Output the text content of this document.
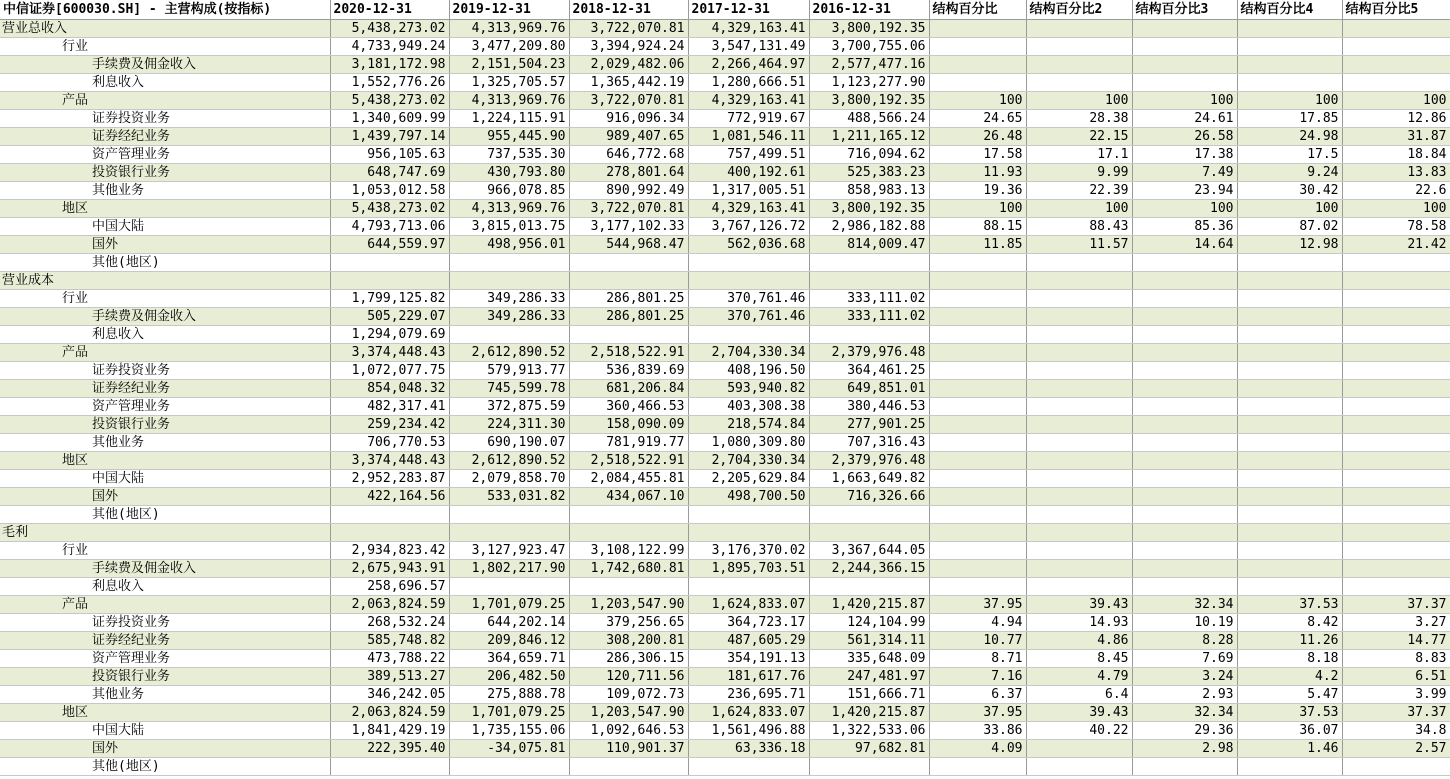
中信证券[600030.SH] - 主营构成(按指标)	2020-12-31	2019-12-31	2018-12-31	2017-12-31	2016-12-31	结构百分比	结构百分比2	结构百分比3	结构百分比4	结构百分比5
营业总收入	5,438,273.02	4,313,969.76	3,722,070.81	4,329,163.41	3,800,192.35					
行业	4,733,949.24	3,477,209.80	3,394,924.24	3,547,131.49	3,700,755.06					
手续费及佣金收入	3,181,172.98	2,151,504.23	2,029,482.06	2,266,464.97	2,577,477.16					
利息收入	1,552,776.26	1,325,705.57	1,365,442.19	1,280,666.51	1,123,277.90					
产品	5,438,273.02	4,313,969.76	3,722,070.81	4,329,163.41	3,800,192.35	100	100	100	100	100
证券投资业务	1,340,609.99	1,224,115.91	916,096.34	772,919.67	488,566.24	24.65	28.38	24.61	17.85	12.86
证券经纪业务	1,439,797.14	955,445.90	989,407.65	1,081,546.11	1,211,165.12	26.48	22.15	26.58	24.98	31.87
资产管理业务	956,105.63	737,535.30	646,772.68	757,499.51	716,094.62	17.58	17.1	17.38	17.5	18.84
投资银行业务	648,747.69	430,793.80	278,801.64	400,192.61	525,383.23	11.93	9.99	7.49	9.24	13.83
其他业务	1,053,012.58	966,078.85	890,992.49	1,317,005.51	858,983.13	19.36	22.39	23.94	30.42	22.6
地区	5,438,273.02	4,313,969.76	3,722,070.81	4,329,163.41	3,800,192.35	100	100	100	100	100
中国大陆	4,793,713.06	3,815,013.75	3,177,102.33	3,767,126.72	2,986,182.88	88.15	88.43	85.36	87.02	78.58
国外	644,559.97	498,956.01	544,968.47	562,036.68	814,009.47	11.85	11.57	14.64	12.98	21.42
其他(地区)										
营业成本										
行业	1,799,125.82	349,286.33	286,801.25	370,761.46	333,111.02					
手续费及佣金收入	505,229.07	349,286.33	286,801.25	370,761.46	333,111.02					
利息收入	1,294,079.69									
产品	3,374,448.43	2,612,890.52	2,518,522.91	2,704,330.34	2,379,976.48					
证券投资业务	1,072,077.75	579,913.77	536,839.69	408,196.50	364,461.25					
证券经纪业务	854,048.32	745,599.78	681,206.84	593,940.82	649,851.01					
资产管理业务	482,317.41	372,875.59	360,466.53	403,308.38	380,446.53					
投资银行业务	259,234.42	224,311.30	158,090.09	218,574.84	277,901.25					
其他业务	706,770.53	690,190.07	781,919.77	1,080,309.80	707,316.43					
地区	3,374,448.43	2,612,890.52	2,518,522.91	2,704,330.34	2,379,976.48					
中国大陆	2,952,283.87	2,079,858.70	2,084,455.81	2,205,629.84	1,663,649.82					
国外	422,164.56	533,031.82	434,067.10	498,700.50	716,326.66					
其他(地区)										
毛利										
行业	2,934,823.42	3,127,923.47	3,108,122.99	3,176,370.02	3,367,644.05					
手续费及佣金收入	2,675,943.91	1,802,217.90	1,742,680.81	1,895,703.51	2,244,366.15					
利息收入	258,696.57									
产品	2,063,824.59	1,701,079.25	1,203,547.90	1,624,833.07	1,420,215.87	37.95	39.43	32.34	37.53	37.37
证券投资业务	268,532.24	644,202.14	379,256.65	364,723.17	124,104.99	4.94	14.93	10.19	8.42	3.27
证券经纪业务	585,748.82	209,846.12	308,200.81	487,605.29	561,314.11	10.77	4.86	8.28	11.26	14.77
资产管理业务	473,788.22	364,659.71	286,306.15	354,191.13	335,648.09	8.71	8.45	7.69	8.18	8.83
投资银行业务	389,513.27	206,482.50	120,711.56	181,617.76	247,481.97	7.16	4.79	3.24	4.2	6.51
其他业务	346,242.05	275,888.78	109,072.73	236,695.71	151,666.71	6.37	6.4	2.93	5.47	3.99
地区	2,063,824.59	1,701,079.25	1,203,547.90	1,624,833.07	1,420,215.87	37.95	39.43	32.34	37.53	37.37
中国大陆	1,841,429.19	1,735,155.06	1,092,646.53	1,561,496.88	1,322,533.06	33.86	40.22	29.36	36.07	34.8
国外	222,395.40	-34,075.81	110,901.37	63,336.18	97,682.81	4.09		2.98	1.46	2.57
其他(地区)										
